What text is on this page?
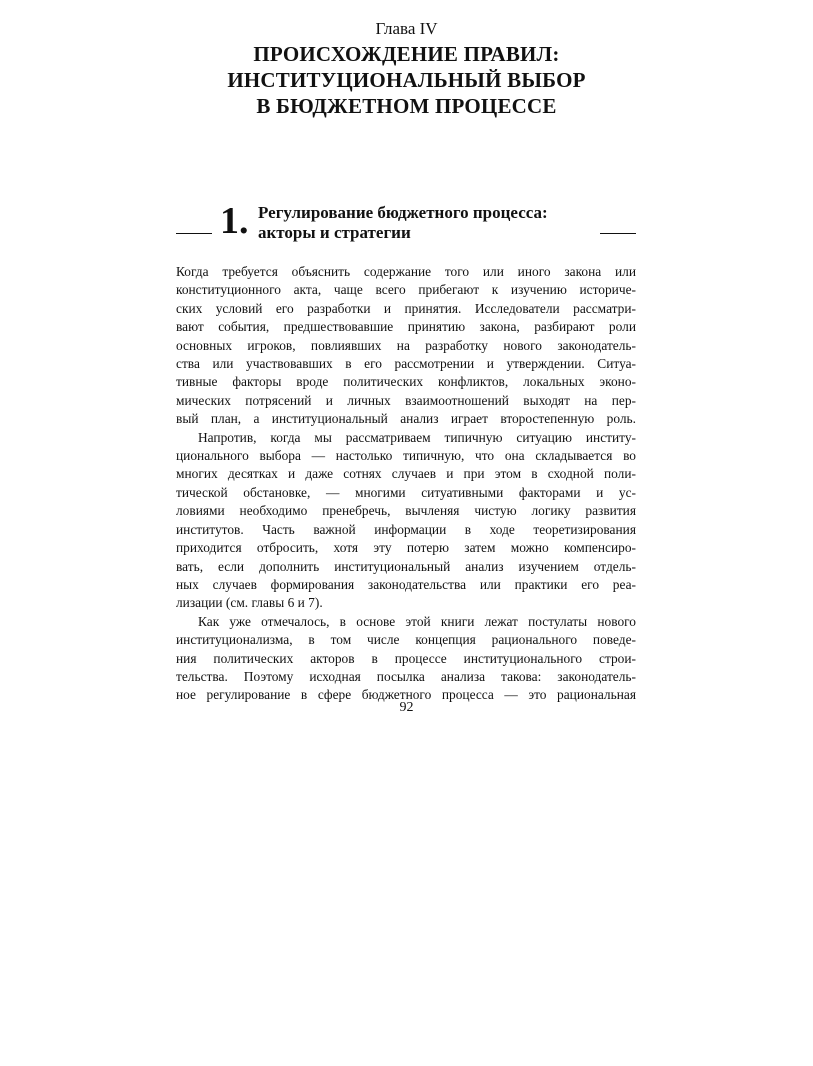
Глава IV
ПРОИСХОЖДЕНИЕ ПРАВИЛ:
ИНСТИТУЦИОНАЛЬНЫЙ ВЫБОР
В БЮДЖЕТНОМ ПРОЦЕССЕ
1. Регулирование бюджетного процесса:
акторы и стратегии
Когда требуется объяснить содержание того или иного закона или
конституционного акта, чаще всего прибегают к изучению историче-
ских условий его разработки и принятия. Исследователи рассматри-
вают события, предшествовавшие принятию закона, разбирают роли
основных игроков, повлиявших на разработку нового законодатель-
ства или участвовавших в его рассмотрении и утверждении. Ситуа-
тивные факторы вроде политических конфликтов, локальных эконо-
мических потрясений и личных взаимоотношений выходят на пер-
вый план, а институциональный анализ играет второстепенную роль.
Напротив, когда мы рассматриваем типичную ситуацию институ-
ционального выбора — настолько типичную, что она складывается во
многих десятках и даже сотнях случаев и при этом в сходной поли-
тической обстановке, — многими ситуативными факторами и ус-
ловиями необходимо пренебречь, вычленяя чистую логику развития
институтов. Часть важной информации в ходе теоретизирования
приходится отбросить, хотя эту потерю затем можно компенсиро-
вать, если дополнить институциональный анализ изучением отдель-
ных случаев формирования законодательства или практики его реа-
лизации (см. главы 6 и 7).
Как уже отмечалось, в основе этой книги лежат постулаты нового
институционализма, в том числе концепция рационального поведе-
ния политических акторов в процессе институционального строи-
тельства. Поэтому исходная посылка анализа такова: законодатель-
ное регулирование в сфере бюджетного процесса — это рациональная
92
